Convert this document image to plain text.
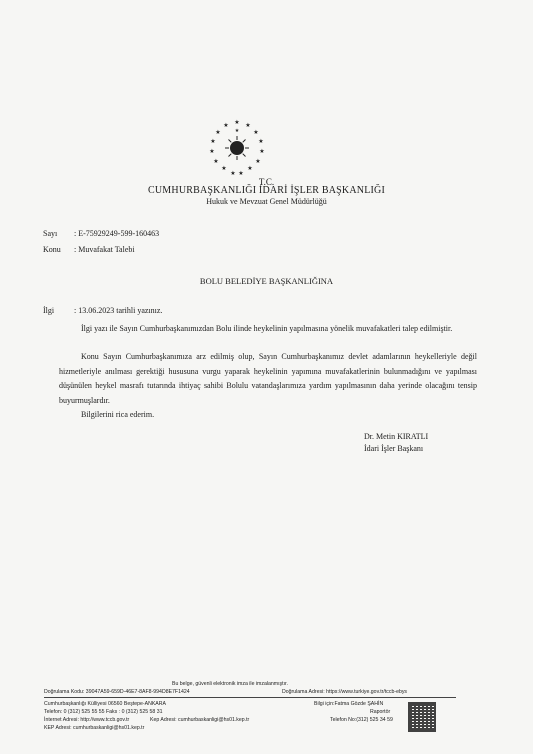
★ ★
★
★
★
★
★
★
★
★
★
★
★
★
★
★
T.C.
CUMHURBAŞKANLIĞI İDARİ İŞLER BAŞKANLIĞI
Hukuk ve Mevzuat Genel Müdürlüğü
Sayı : E-75929249-599-160463
Konu : Muvafakat Talebi
BOLU BELEDİYE BAŞKANLIĞINA
İlgi : 13.06.2023 tarihli yazınız.
İlgi yazı ile Sayın Cumhurbaşkanımızdan Bolu ilinde heykelinin yapılmasına yönelik muvafakatleri talep edilmiştir.
Konu Sayın Cumhurbaşkanımıza arz edilmiş olup, Sayın Cumhurbaşkanımız devlet adamlarının heykelleriyle değil hizmetleriyle anılması gerektiği hususuna vurgu yaparak heykelinin yapımına muvafakatlerinin bulunmadığını ve yapılması düşünülen heykel masrafı tutarında ihtiyaç sahibi Bolulu vatandaşlarımıza yardım yapılmasının daha yerinde olacağını tensip buyurmuşlardır.
Bilgilerini rica ederim.
Dr. Metin KIRATLI
İdari İşler Başkanı
Bu belge, güvenli elektronik imza ile imzalanmıştır.
Doğrulama Kodu: 39047A59-659D-46E7-8AF8-994D8E7F1424	Doğrulama Adresi: https://www.turkiye.gov.tr/tccb-ebys
Cumhurbaşkanlığı Külliyesi 06560 Beştepe-ANKARA	Bilgi için:Fatma Gözde ŞAHİN
Telefon: 0 (312) 525 55 55 Faks : 0 (312) 525 58 31	Raportör
İnternet Adresi: http://www.tccb.gov.tr	Kep Adresi: cumhurbaskanligi@hs01.kep.tr	Telefon No:(312) 525 34 59
KEP Adresi: cumhurbaskanligi@hs01.kep.tr
